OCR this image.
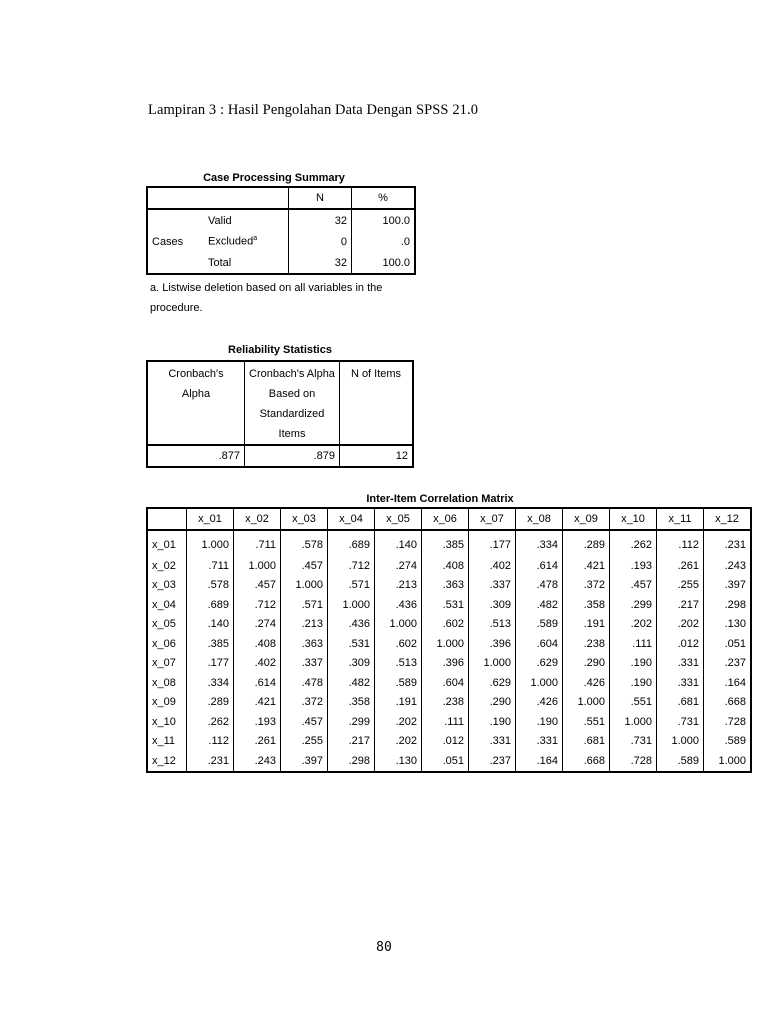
Lampiran 3 : Hasil Pengolahan Data Dengan SPSS 21.0
Case Processing Summary
		N	%
	Valid	32	100.0
Cases	Excluded$^a$	0	.0
	Total	32	100.0
a. Listwise deletion based on all variables in the procedure.
Reliability Statistics
Cronbach's Alpha	Cronbach's Alpha Based on Standardized Items	N of Items
.877	.879	12
Inter-Item Correlation Matrix
	x_01	x_02	x_03	x_04	x_05	x_06	x_07	x_08	x_09	x_10	x_11	x_12
x_01	1.000	.711	.578	.689	.140	.385	.177	.334	.289	.262	.112	.231
x_02	.711	1.000	.457	.712	.274	.408	.402	.614	.421	.193	.261	.243
x_03	.578	.457	1.000	.571	.213	.363	.337	.478	.372	.457	.255	.397
x_04	.689	.712	.571	1.000	.436	.531	.309	.482	.358	.299	.217	.298
x_05	.140	.274	.213	.436	1.000	.602	.513	.589	.191	.202	.202	.130
x_06	.385	.408	.363	.531	.602	1.000	.396	.604	.238	.111	.012	.051
x_07	.177	.402	.337	.309	.513	.396	1.000	.629	.290	.190	.331	.237
x_08	.334	.614	.478	.482	.589	.604	.629	1.000	.426	.190	.331	.164
x_09	.289	.421	.372	.358	.191	.238	.290	.426	1.000	.551	.681	.668
x_10	.262	.193	.457	.299	.202	.111	.190	.190	.551	1.000	.731	.728
x_11	.112	.261	.255	.217	.202	.012	.331	.331	.681	.731	1.000	.589
x_12	.231	.243	.397	.298	.130	.051	.237	.164	.668	.728	.589	1.000
80
